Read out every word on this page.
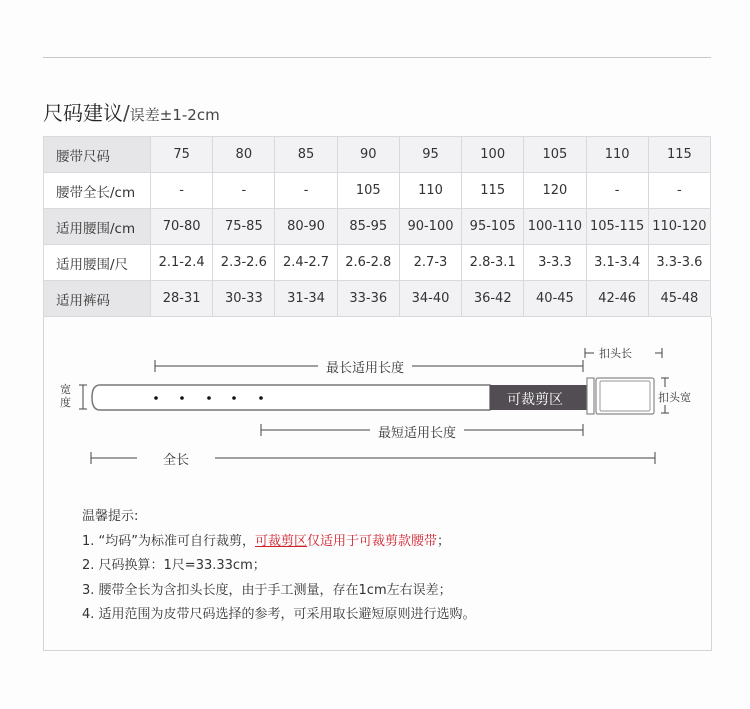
尺码建议/误差±1-2cm
腰带尺码	75	80	85	90	95	100	105	110	115
腰带全长/cm	-	-	-	105	110	115	120	-	-
适用腰围/cm	70-80	75-85	80-90	85-95	90-100	95-105	100-110	105-115	110-120
适用腰围/尺	2.1-2.4	2.3-2.6	2.4-2.7	2.6-2.8	2.7-3	2.8-3.1	3-3.3	3.1-3.4	3.3-3.6
适用裤码	28-31	30-33	31-34	33-36	34-40	36-42	40-45	42-46	45-48
最长适用长度
扣头长
宽
度	可裁剪区	扣头宽
最短适用长度
全长
温馨提示:
1. “均码”为标准可自行裁剪，可裁剪区仅适用于可裁剪款腰带；
2. 尺码换算：1尺=33.33cm；
3. 腰带全长为含扣头长度，由于手工测量，存在1cm左右误差；
4. 适用范围为皮带尺码选择的参考，可采用取长避短原则进行选购。
